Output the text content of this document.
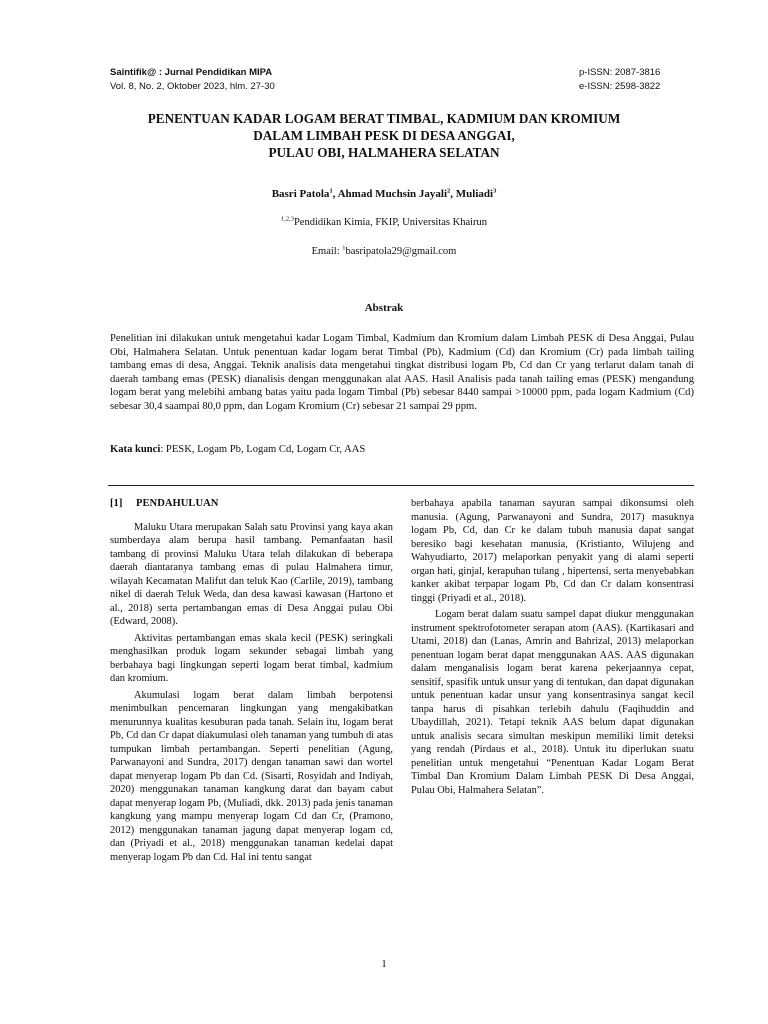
Saintifik@ : Jurnal Pendidikan MIPA
Vol. 8, No. 2, Oktober 2023, hlm. 27-30
p-ISSN: 2087-3816
e-ISSN: 2598-3822
PENENTUAN KADAR LOGAM BERAT TIMBAL, KADMIUM DAN KROMIUM
DALAM LIMBAH PESK DI DESA ANGGAI,
PULAU OBI, HALMAHERA SELATAN
Basri Patola$^1$, Ahmad Muchsin Jayali$^2$, Muliadi$^3$
$^{1,2,3}$Pendidikan Kimia, FKIP, Universitas Khairun
Email: $^1$basripatola29@gmail.com
Abstrak

Penelitian ini dilakukan untuk mengetahui kadar Logam Timbal, Kadmium dan Kromium dalam Limbah PESK di Desa Anggai, Pulau Obi, Halmahera Selatan. Untuk penentuan kadar logam berat Timbal (Pb), Kadmium (Cd) dan Kromium (Cr) pada limbah tailing tambang emas di desa, Anggai. Teknik analisis data mengetahui tingkat distribusi logam Pb, Cd dan Cr yang terlarut dalam tanah di daerah tambang emas (PESK) dianalisis dengan menggunakan alat AAS. Hasil Analisis pada tanah tailing emas (PESK) mengandung logam berat yang melebihi ambang batas yaitu pada logam Timbal (Pb) sebesar 8440 sampai >10000 ppm, pada logam Kadmium (Cd) sebesar 30,4 saampai 80,0 ppm, dan Logam Kromium (Cr) sebesar 21 sampai 29 ppm.

Kata kunci: PESK, Logam Pb, Logam Cd, Logam Cr, AAS
[1] PENDAHULUAN

Maluku Utara merupakan Salah satu Provinsi yang kaya akan sumberdaya alam berupa hasil tambang. Pemanfaatan hasil tambang di provinsi Maluku Utara telah dilakukan di beberapa daerah diantaranya tambang emas di pulau Halmahera timur, wilayah Kecamatan Malifut dan teluk Kao (Carlile, 2019), tambang nikel di daerah Teluk Weda, dan desa kawasi kawasan (Hartono et al., 2018) serta pertambangan emas di Desa Anggai pulau Obi (Edward, 2008).

Aktivitas pertambangan emas skala kecil (PESK) seringkali menghasilkan produk logam sekunder sebagai limbah yang berbahaya bagi lingkungan seperti logam berat timbal, kadmium dan kromium.

Akumulasi logam berat dalam limbah berpotensi menimbulkan pencemaran lingkungan yang mengakibatkan menurunnya kualitas kesuburan pada tanah. Selain itu, logam berat Pb, Cd dan Cr dapat diakumulasi oleh tanaman yang tumbuh di atas tumpukan limbah pertambangan. Seperti penelitian (Agung, Parwanayoni and Sundra, 2017) dengan tanaman sawi dan wortel dapat menyerap logam Pb dan Cd. (Sisarti, Rosyidah and Indiyah, 2020) menggunakan tanaman kangkung darat dan bayam cabut dapat menyerap logam Pb, (Muliadi, dkk. 2013) pada jenis tanaman kangkung yang mampu menyerap logam Cd dan Cr, (Pramono, 2012) menggunakan tanaman jagung dapat menyerap logam cd, dan (Priyadi et al., 2018) menggunakan tanaman kedelai dapat menyerap logam Pb dan Cd. Hal ini tentu sangat

berbahaya apabila tanaman sayuran sampai dikonsumsi oleh manusia. (Agung, Parwanayoni and Sundra, 2017) masuknya logam Pb, Cd, dan Cr ke dalam tubuh manusia dapat sangat beresiko bagi kesehatan manusia, (Kristianto, Wilujeng and Wahyudiarto, 2017) melaporkan penyakit yang di alami seperti organ hati, ginjal, kerapuhan tulang , hipertensi, serta menyebabkan kanker akibat terpapar logam Pb, Cd dan Cr dalam konsentrasi tinggi (Priyadi et al., 2018).

Logam berat dalam suatu sampel dapat diukur menggunakan instrument spektrofotometer serapan atom (AAS). (Kartikasari and Utami, 2018) dan (Lanas, Amrin and Bahrizal, 2013) melaporkan penentuan logam berat dapat menggunakan AAS. AAS digunakan dalam menganalisis logam berat karena pekerjaannya cepat, sensitif, spasifik untuk unsur yang di tentukan, dan dapat digunakan untuk penentuan kadar unsur yang konsentrasinya sangat kecil tanpa harus di pisahkan terlebih dahulu (Faqihuddin and Ubaydillah, 2021). Tetapi teknik AAS belum dapat digunakan untuk analisis secara simultan meskipun memiliki limit deteksi yang rendah (Pirdaus et al., 2018). Untuk itu diperlukan suatu penelitian untuk mengetahui “Penentuan Kadar Logam Berat Timbal Dan Kromium Dalam Limbah PESK Di Desa Anggai, Pulau Obi, Halmahera Selatan”.

1
